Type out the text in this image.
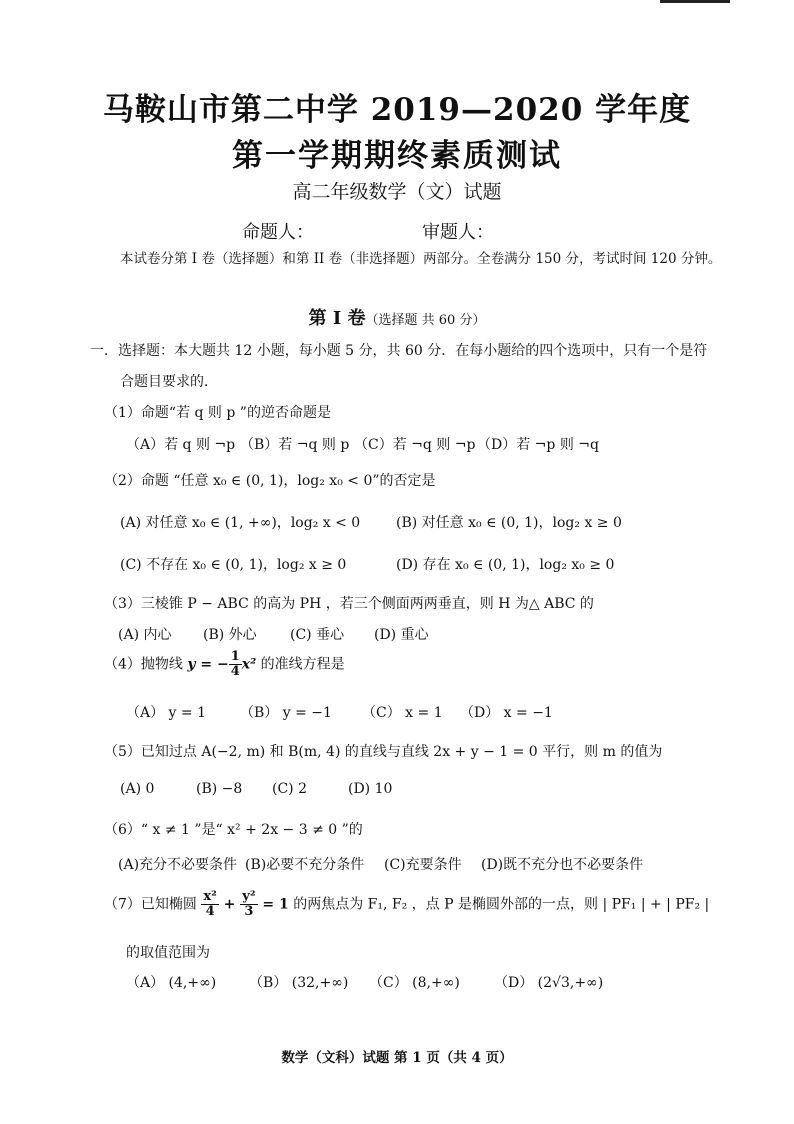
马鞍山市第二中学 2019—2020 学年度
第一学期期终素质测试
高二年级数学（文）试题
命题人：	审题人：
本试卷分第 I 卷（选择题）和第 II 卷（非选择题）两部分。全卷满分 150 分，考试时间 120 分钟。
第 I 卷（选择题 共 60 分）
一．选择题：本大题共 12 小题，每小题 5 分，共 60 分．在每小题给的四个选项中，只有一个是符
合题目要求的．
（1）命题“若 q 则 p ”的逆否命题是
（A）若 q 则 ¬p （B）若 ¬q 则 p （C）若 ¬q 则 ¬p （D）若 ¬p 则 ¬q
（2）命题 “任意 x₀ ∈ (0, 1)，log₂ x₀ < 0”的否定是
(A) 对任意 x₀ ∈ (1, +∞)，log₂ x < 0	(B) 对任意 x₀ ∈ (0, 1)，log₂ x ≥ 0
(C) 不存在 x₀ ∈ (0, 1)，log₂ x ≥ 0	(D) 存在 x₀ ∈ (0, 1)，log₂ x₀ ≥ 0
（3）三棱锥 P − ABC 的高为 PH ，若三个侧面两两垂直，则 H 为△ ABC 的
(A) 内心 (B) 外心 (C) 垂心 (D) 重心
（4）抛物线 y = − $\frac{1}{4} x^2$ 的准线方程是
（A） y = 1 （B） y = −1 （C） x = 1 （D） x = −1
（5）已知过点 A(−2, m) 和 B(m, 4) 的直线与直线 2x + y − 1 = 0 平行，则 m 的值为
(A) 0	(B) −8 (C) 2	(D) 10
（6）“ x ≠ 1 ”是“ x² + 2x − 3 ≠ 0 ”的
(A)充分不必要条件 (B)必要不充分条件 (C)充要条件 (D)既不充分也不必要条件
（7）已知椭圆 $\frac{\text{x²}}{4} + \frac{\text{y²}}{3} = 1$ 的两焦点为 F₁, F₂ ，点 P 是椭圆外部的一点，则 | PF₁ | + | PF₂ |
的取值范围为
（A） (4,+∞) （B） (32,+∞) （C） (8,+∞) （D） (2√3,+∞)
数学（文科）试题 第 1 页（共 4 页）
